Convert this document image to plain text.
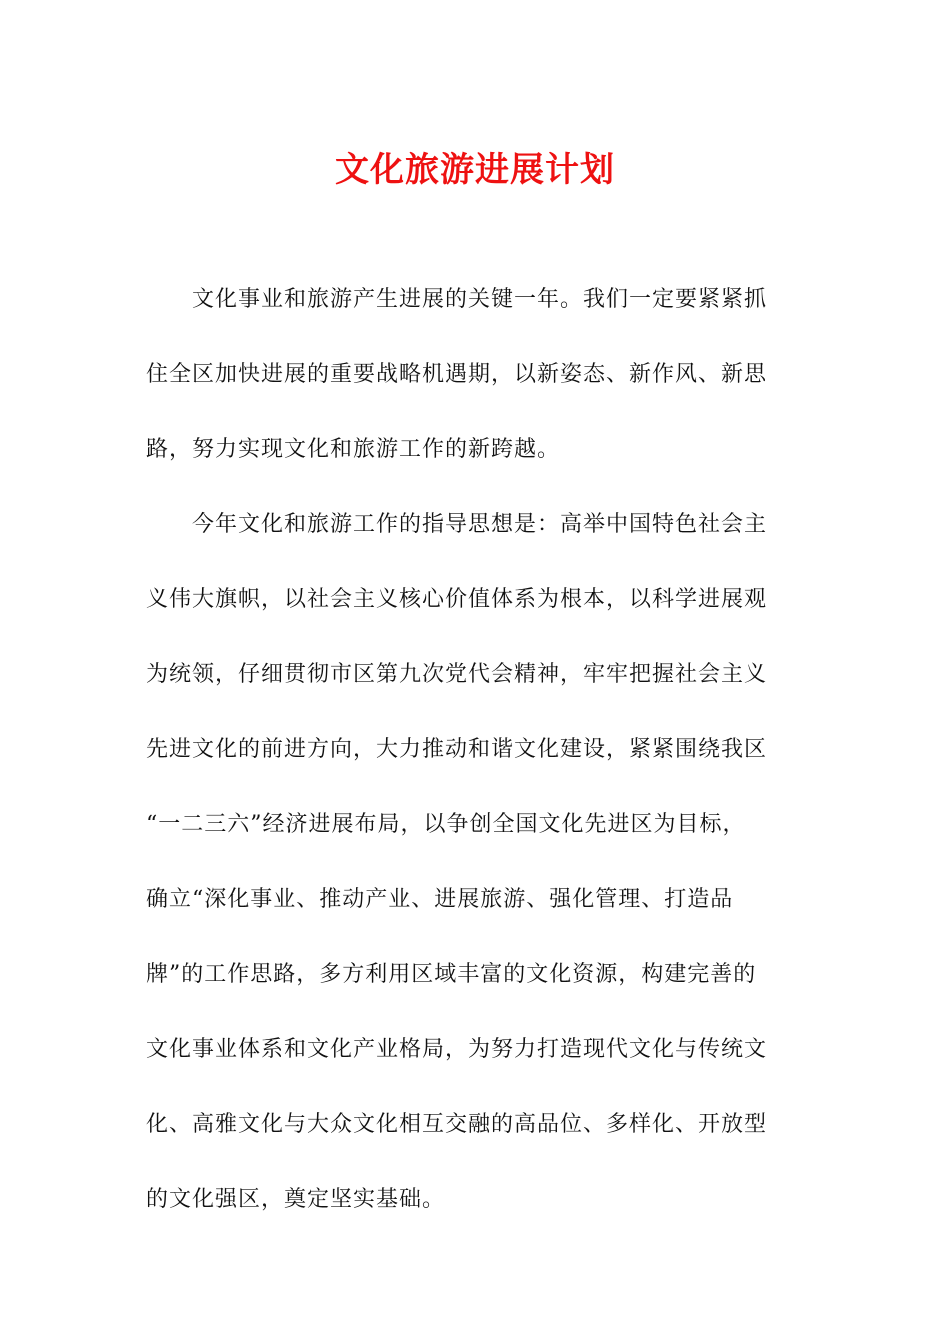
文化旅游进展计划
文化事业和旅游产生进展的关键一年。我们一定要紧紧抓
住全区加快进展的重要战略机遇期，以新姿态、新作风、新思
路，努力实现文化和旅游工作的新跨越。
今年文化和旅游工作的指导思想是：高举中国特色社会主
义伟大旗帜，以社会主义核心价值体系为根本，以科学进展观
为统领，仔细贯彻市区第九次党代会精神，牢牢把握社会主义
先进文化的前进方向，大力推动和谐文化建设，紧紧围绕我区
“一二三六”经济进展布局，以争创全国文化先进区为目标，
确立“深化事业、推动产业、进展旅游、强化管理、打造品
牌”的工作思路，多方利用区域丰富的文化资源，构建完善的
文化事业体系和文化产业格局，为努力打造现代文化与传统文
化、高雅文化与大众文化相互交融的高品位、多样化、开放型
的文化强区，奠定坚实基础。
